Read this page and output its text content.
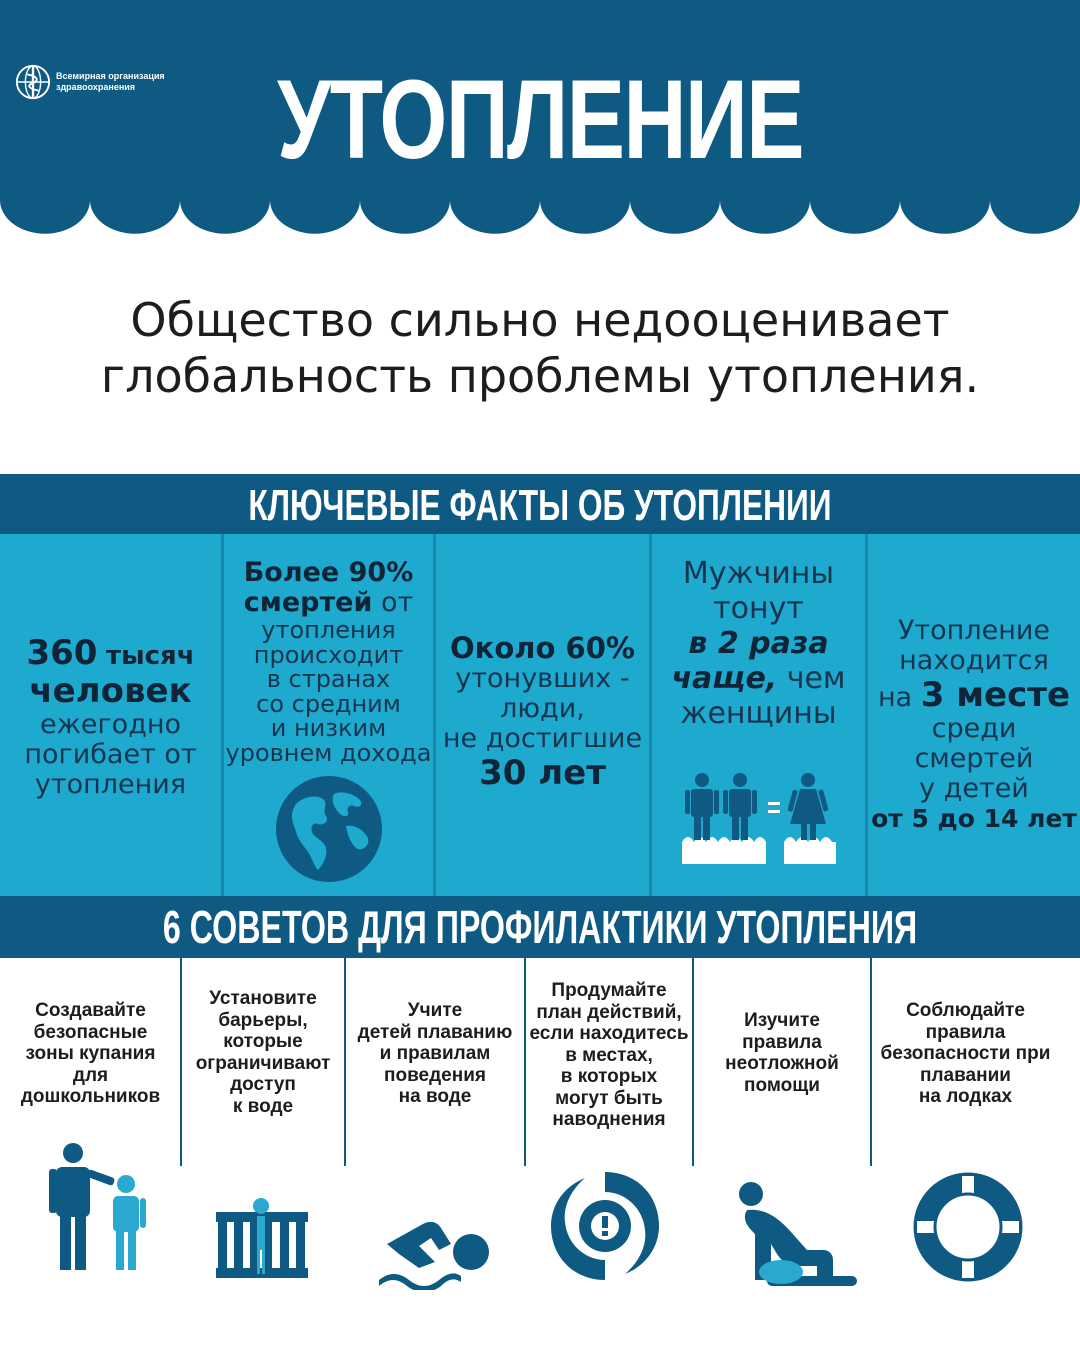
Всемирная организация
здравоохранения	УТОПЛЕНИЕ
Общество сильно недооценивает
глобальность проблемы утопления.
КЛЮЧЕВЫЕ ФАКТЫ ОБ УТОПЛЕНИИ
360 тысяч
человек
ежегодно
погибает от
утопления
Более 90%
смертей от
утопления
происходит
в странах
со средним
и низким
уровнем дохода
Около 60%
утонувших -
люди,
не достигшие
30 лет
Мужчины
тонут
в 2 раза
чаще, чем
женщины
Утопление
находится
на 3 месте
среди смертей
у детей
от 5 до 14 лет
6 СОВЕТОВ ДЛЯ ПРОФИЛАКТИКИ УТОПЛЕНИЯ
Создавайте
безопасные
зоны купания
для
дошкольников
Установите
барьеры,
которые
ограничивают
доступ
к воде
Учите
детей плаванию
и правилам
поведения
на воде
Продумайте
план действий,
если находитесь
в местах,
в которых
могут быть
наводнения
Изучите
правила
неотложной
помощи
Соблюдайте
правила
безопасности при
плавании
на лодках
